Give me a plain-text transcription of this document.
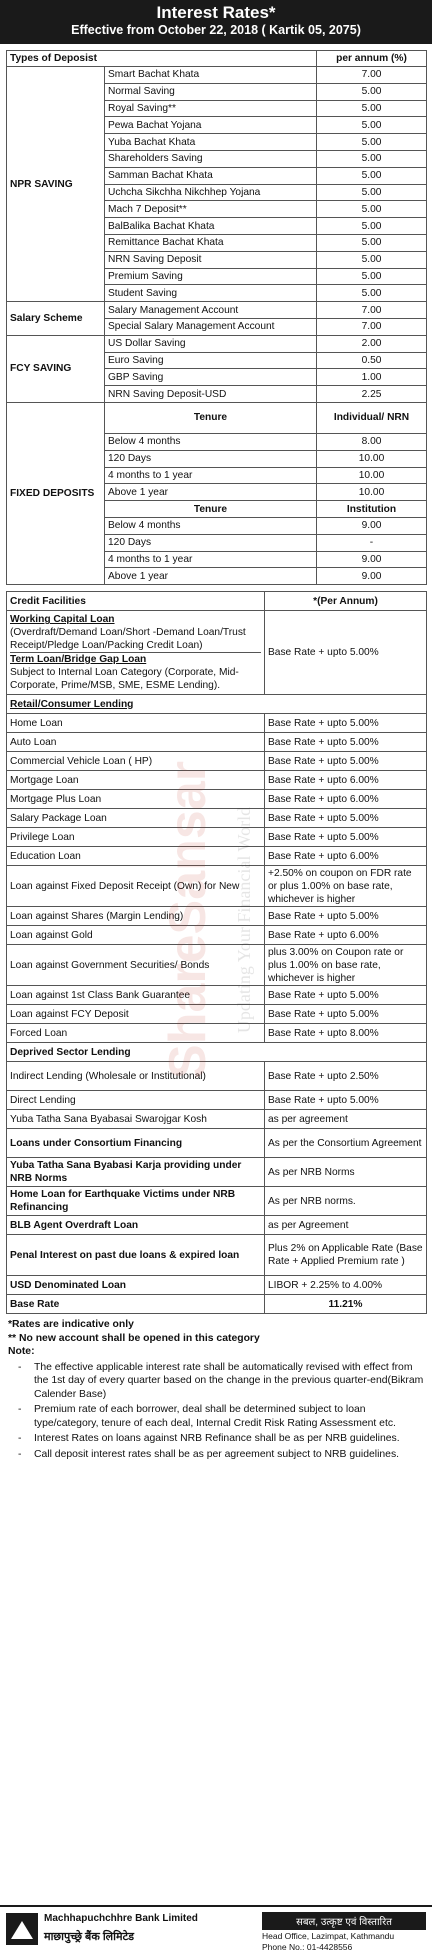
Interest Rates*
Effective from October 22, 2018 ( Kartik 05, 2075)
Types of Deposist		per annum (%)
NPR SAVING	Smart Bachat Khata	7.00
	Normal Saving	5.00
	Royal Saving**	5.00
	Pewa Bachat Yojana	5.00
	Yuba Bachat Khata	5.00
	Shareholders Saving	5.00
	Samman Bachat Khata	5.00
	Uchcha Sikchha Nikchhep Yojana	5.00
	Mach 7 Deposit**	5.00
	BalBalika Bachat Khata	5.00
	Remittance Bachat Khata	5.00
	NRN Saving Deposit	5.00
	Premium Saving	5.00
	Student Saving	5.00
Salary Scheme	Salary Management Account	7.00
	Special Salary Management Account	7.00
FCY SAVING	US Dollar Saving	2.00
	Euro Saving	0.50
	GBP Saving	1.00
	NRN Saving Deposit-USD	2.25
FIXED DEPOSITS	Tenure	Individual/ NRN
	Below 4 months	8.00
	120 Days	10.00
	4 months to 1 year	10.00
	Above 1 year	10.00
	Tenure	Institution
	Below 4 months	9.00
	120 Days	-
	4 months to 1 year	9.00
	Above 1 year	9.00
Credit Facilities	*(Per Annum)

Working Capital Loan
(Overdraft/Demand Loan/Short -Demand Loan/Trust Receipt/Pledge Loan/Packing Credit Loan)
Term Loan/Bridge Gap Loan
Subject to Internal Loan Category (Corporate, Mid-Corporate, Prime/MSB, SME, ESME Lending).	Base Rate + upto 5.00%
Retail/Consumer Lending	
Home Loan	Base Rate + upto 5.00%
Auto Loan	Base Rate + upto 5.00%
Commercial Vehicle Loan ( HP)	Base Rate + upto 5.00%
Mortgage Loan	Base Rate + upto 6.00%
Mortgage Plus Loan	Base Rate + upto 6.00%
Salary Package Loan	Base Rate + upto 5.00%
Privilege Loan	Base Rate + upto 5.00%
Education Loan	Base Rate + upto 6.00%
Loan against Fixed Deposit Receipt (Own) for New	+2.50% on coupon on FDR rate or plus 1.00% on base rate, whichever is higher
Loan against Shares (Margin Lending)	Base Rate + upto 5.00%
Loan against Gold	Base Rate + upto 6.00%
Loan against Government Securities/ Bonds	plus 3.00% on Coupon rate or plus 1.00% on base rate, whichever is higher
Loan against 1st Class Bank Guarantee	Base Rate + upto 5.00%
Loan against FCY Deposit	Base Rate + upto 5.00%
Forced Loan	Base Rate + upto 8.00%
Deprived Sector Lending	
Indirect Lending (Wholesale or Institutional)	Base Rate + upto 2.50%
Direct Lending	Base Rate + upto 5.00%
Yuba Tatha Sana Byabasai Swarojgar Kosh	as per agreement
Loans under Consortium Financing	As per the Consortium Agreement
Yuba Tatha Sana Byabasi Karja providing under NRB Norms	As per NRB Norms
Home Loan for Earthquake Victims under NRB Refinancing	As per NRB norms.
BLB Agent Overdraft Loan	as per Agreement
Penal Interest on past due loans & expired loan	Plus 2% on Applicable Rate (Base Rate + Applied Premium rate )
USD Denominated Loan	LIBOR + 2.25% to 4.00%
Base Rate	11.21%
*Rates are indicative only
** No new account shall be opened in this category
Note:
- The effective applicable interest rate shall be automatically revised with effect from the 1st day of every quarter based on the change in the previous quarter-end(Bikram Calender Base)
- Premium rate of each borrower, deal shall be determined subject to loan type/category, tenure of each deal, Internal Credit Risk Rating Assessment etc.
- Interest Rates on loans against NRB Refinance shall be as per NRB guidelines.
- Call deposit interest rates shall be as per agreement subject to NRB guidelines.
ShareSansar Updating Your Financial World
Machhapuchchhre Bank Limited
माछापुच्छ्रे बैंक लिमिटेड
सबल, उत्कृष्ट एवं विस्तारित
Head Office, Lazimpat, Kathmandu
Phone No.: 01-4428556
